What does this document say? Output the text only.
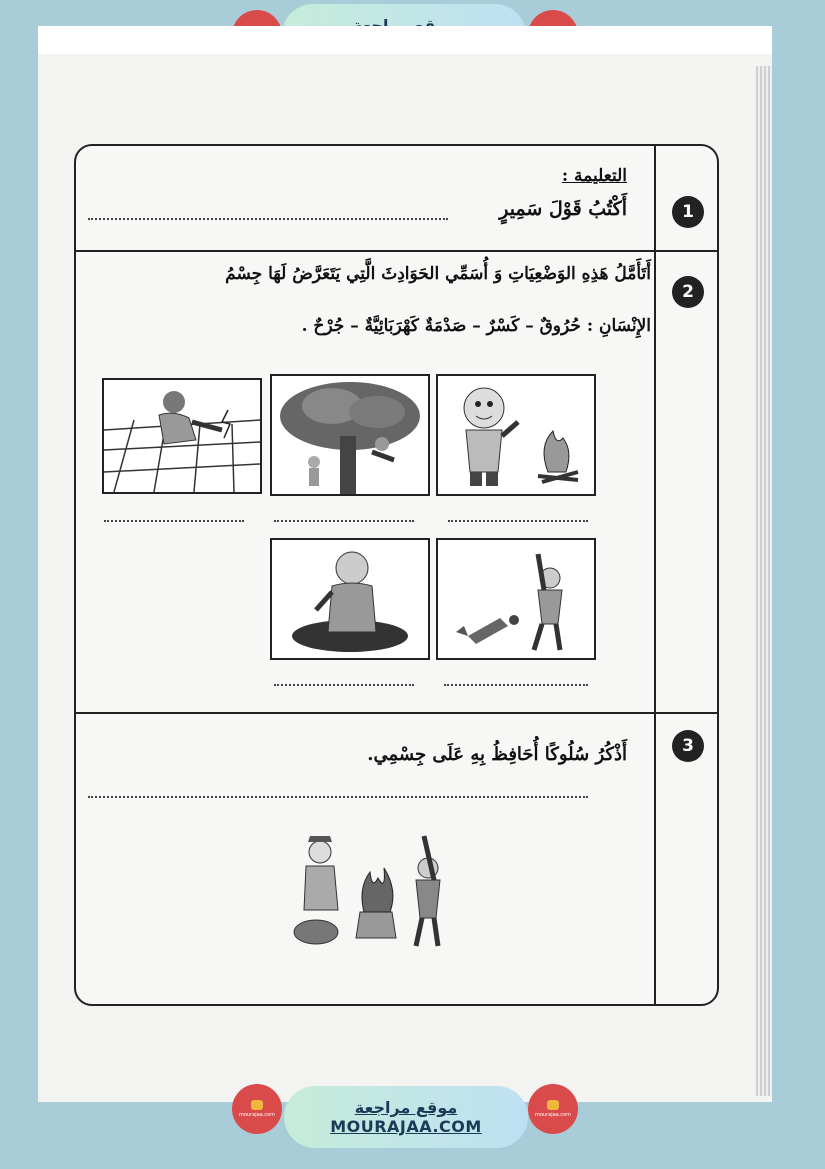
1
التعليمة :
أَكْتُبُ قَوْلَ سَمِيرٍ
2
أَتَأَمَّلُ هَذِهِ الوَضْعِيَاتِ وَ أُسَمِّي الحَوَادِثَ الَّتِي يَتَعَرَّضُ لَهَا جِسْمُ
الإِنْسَانِ : حُرُوقٌ – كَسْرٌ – صَدْمَةٌ كَهْرَبَائِيَّةٌ – جُرْحٌ .
3
أَذْكُرُ سُلُوكًا أُحَافِظُ بِهِ عَلَى جِسْمِي.
mourajaa.com	موقع مراجعة
MOURAJAA.COM
mourajaa.com
